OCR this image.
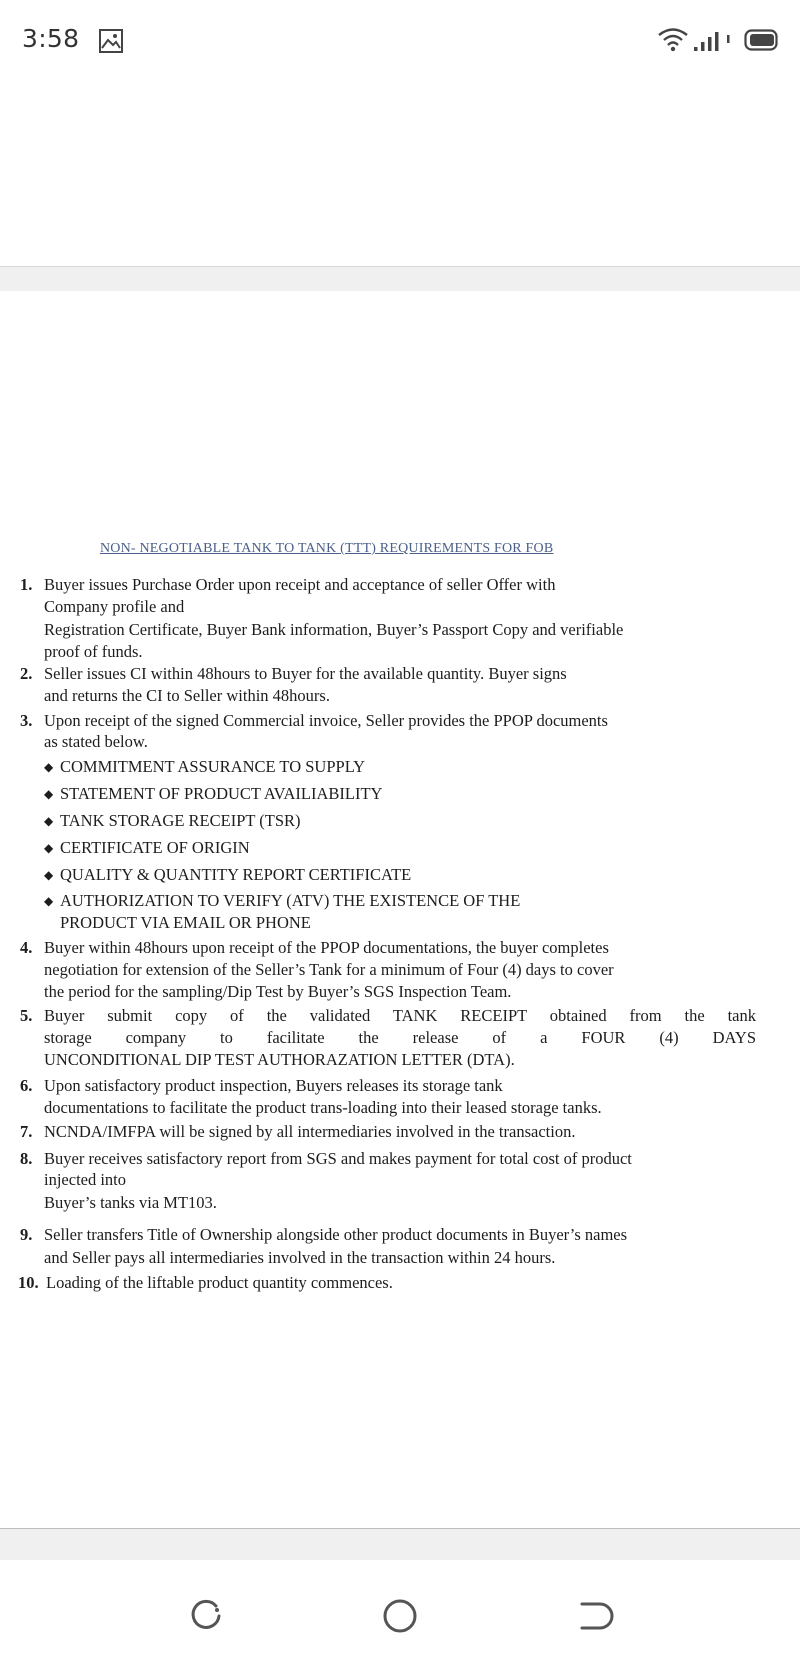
3:58
NON- NEGOTIABLE TANK TO TANK (TTT) REQUIREMENTS FOR FOB
1. Buyer issues Purchase Order upon receipt and acceptance of seller Offer with
Company profile and
Registration Certificate, Buyer Bank information, Buyer’s Passport Copy and verifiable
proof of funds.
2. Seller issues CI within 48hours to Buyer for the available quantity. Buyer signs
and returns the CI to Seller within 48hours.
3. Upon receipt of the signed Commercial invoice, Seller provides the PPOP documents
as stated below.
◆ COMMITMENT ASSURANCE TO SUPPLY
◆ STATEMENT OF PRODUCT AVAILIABILITY
◆ TANK STORAGE RECEIPT (TSR)
◆ CERTIFICATE OF ORIGIN
◆ QUALITY & QUANTITY REPORT CERTIFICATE
◆ AUTHORIZATION TO VERIFY (ATV) THE EXISTENCE OF THE
PRODUCT VIA EMAIL OR PHONE
4. Buyer within 48hours upon receipt of the PPOP documentations, the buyer completes
negotiation for extension of the Seller’s Tank for a minimum of Four (4) days to cover
the period for the sampling/Dip Test by Buyer’s SGS Inspection Team.
5. Buyer submit copy of the validated TANK RECEIPT obtained from the tank
storage company to facilitate the release of a FOUR (4) DAYS
UNCONDITIONAL DIP TEST AUTHORAZATION LETTER (DTA).
6. Upon satisfactory product inspection, Buyers releases its storage tank
documentations to facilitate the product trans-loading into their leased storage tanks.
7. NCNDA/IMFPA will be signed by all intermediaries involved in the transaction.
8. Buyer receives satisfactory report from SGS and makes payment for total cost of product
injected into
Buyer’s tanks via MT103.
9. Seller transfers Title of Ownership alongside other product documents in Buyer’s names
and Seller pays all intermediaries involved in the transaction within 24 hours.
10. Loading of the liftable product quantity commences.
